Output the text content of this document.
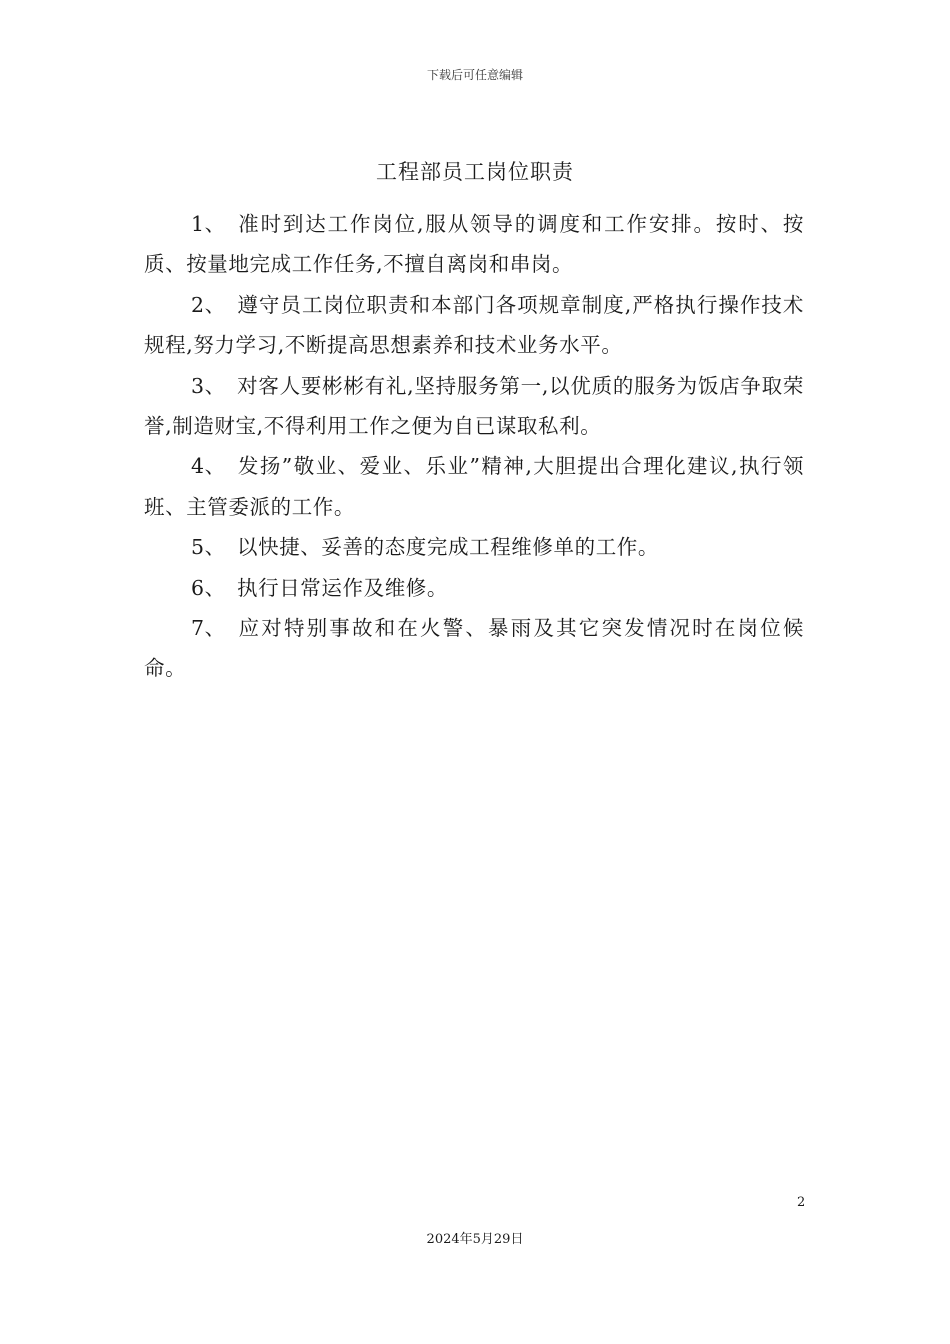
下载后可任意编辑
工程部员工岗位职责

1、 准时到达工作岗位,服从领导的调度和工作安排。按时、按质、按量地完成工作任务,不擅自离岗和串岗。

2、 遵守员工岗位职责和本部门各项规章制度,严格执行操作技术规程,努力学习,不断提高思想素养和技术业务水平。

3、 对客人要彬彬有礼,坚持服务第一,以优质的服务为饭店争取荣誉,制造财宝,不得利用工作之便为自已谋取私利。

4、 发扬”敬业、爱业、乐业”精神,大胆提出合理化建议,执行领班、主管委派的工作。

5、 以快捷、妥善的态度完成工程维修单的工作。

6、 执行日常运作及维修。

7、 应对特别事故和在火警、暴雨及其它突发情况时在岗位候命。

2
2024年5月29日
